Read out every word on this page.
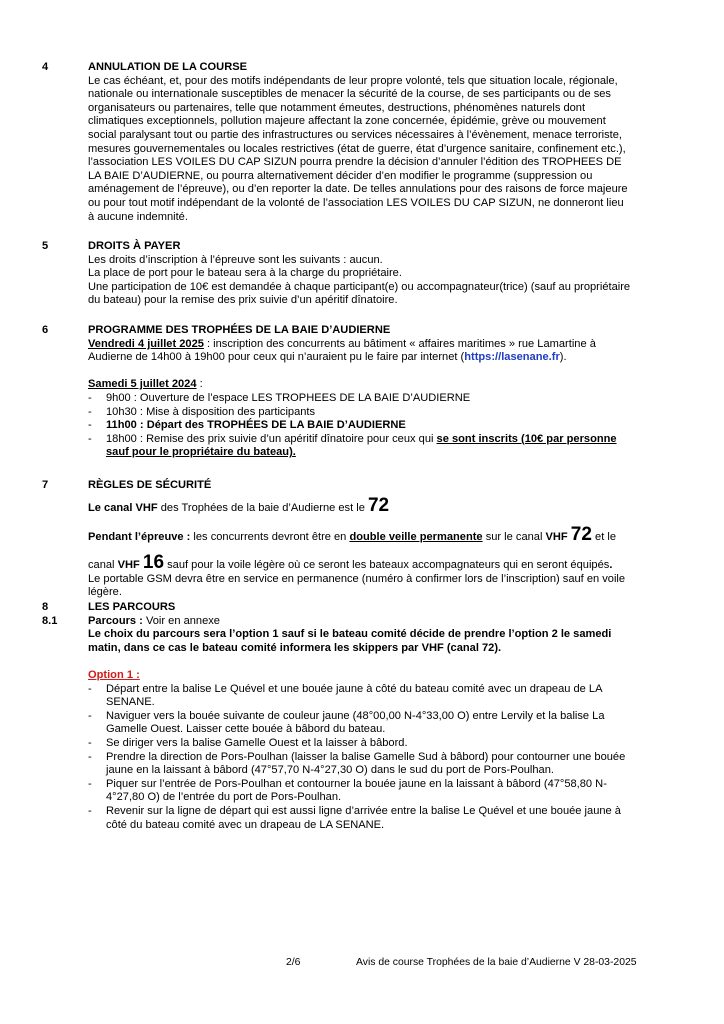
4	ANNULATION DE LA COURSE

Le cas échéant, et, pour des motifs indépendants de leur propre volonté, tels que situation locale, régionale,

nationale ou internationale susceptibles de menacer la sécurité de la course, de ses participants ou de ses

organisateurs ou partenaires, telle que notamment émeutes, destructions, phénomènes naturels dont

climatiques exceptionnels, pollution majeure affectant la zone concernée, épidémie, grève ou mouvement

social paralysant tout ou partie des infrastructures ou services nécessaires à l’évènement, menace terroriste,

mesures gouvernementales ou locales restrictives (état de guerre, état d’urgence sanitaire, confinement etc.),

l’association LES VOILES DU CAP SIZUN pourra prendre la décision d’annuler l’édition des TROPHEES DE

LA BAIE D’AUDIERNE, ou pourra alternativement décider d’en modifier le programme (suppression ou

aménagement de l’épreuve), ou d’en reporter la date. De telles annulations pour des raisons de force majeure

ou pour tout motif indépendant de la volonté de l’association LES VOILES DU CAP SIZUN, ne donneront lieu

à aucune indemnité.

5	DROITS À PAYER

Les droits d’inscription à l’épreuve sont les suivants : aucun.

La place de port pour le bateau sera à la charge du propriétaire.

Une participation de 10€ est demandée à chaque participant(e) ou accompagnateur(trice) (sauf au propriétaire

du bateau) pour la remise des prix suivie d’un apéritif dînatoire.

6	PROGRAMME DES TROPHÉES DE LA BAIE D’AUDIERNE

Vendredi 4 juillet 2025 : inscription des concurrents au bâtiment « affaires maritimes » rue Lamartine à

Audierne de 14h00 à 19h00 pour ceux qui n’auraient pu le faire par internet (https://lasenane.fr).

Samedi 5 juillet 2024 :

- 9h00 : Ouverture de l’espace LES TROPHEES DE LA BAIE D’AUDIERNE
- 10h30 : Mise à disposition des participants
- 11h00 : Départ des TROPHÉES DE LA BAIE D’AUDIERNE
- 18h00 : Remise des prix suivie d’un apéritif dînatoire pour ceux qui se sont inscrits (10€ par personne
sauf pour le propriétaire du bateau).
7	RÈGLES DE SÉCURITÉ

Le canal VHF des Trophées de la baie d’Audierne est le 72

Pendant l’épreuve : les concurrents devront être en double veille permanente sur le canal VHF 72 et le

canal VHF 16 sauf pour la voile légère où ce seront les bateaux accompagnateurs qui en seront équipés.

Le portable GSM devra être en service en permanence (numéro à confirmer lors de l’inscription) sauf en voile

légère.

8	LES PARCOURS
8.1	Parcours : Voir en annexe

Le choix du parcours sera l’option 1 sauf si le bateau comité décide de prendre l’option 2 le samedi

matin, dans ce cas le bateau comité informera les skippers par VHF (canal 72).

Option 1 :

- Départ entre la balise Le Quével et une bouée jaune à côté du bateau comité avec un drapeau de LA
SENANE.
- Naviguer vers la bouée suivante de couleur jaune (48°00,00 N-4°33,00 O) entre Lervily et la balise La
Gamelle Ouest. Laisser cette bouée à bâbord du bateau.
- Se diriger vers la balise Gamelle Ouest et la laisser à bâbord.
- Prendre la direction de Pors-Poulhan (laisser la balise Gamelle Sud à bâbord) pour contourner une bouée
jaune en la laissant à bâbord (47°57,70 N-4°27,30 O) dans le sud du port de Pors-Poulhan.
- Piquer sur l’entrée de Pors-Poulhan et contourner la bouée jaune en la laissant à bâbord (47°58,80 N-
4°27,80 O) de l’entrée du port de Pors-Poulhan.
- Revenir sur la ligne de départ qui est aussi ligne d’arrivée entre la balise Le Quével et une bouée jaune à
côté du bateau comité avec un drapeau de LA SENANE.
2/6	Avis de course Trophées de la baie d’Audierne V 28-03-2025
